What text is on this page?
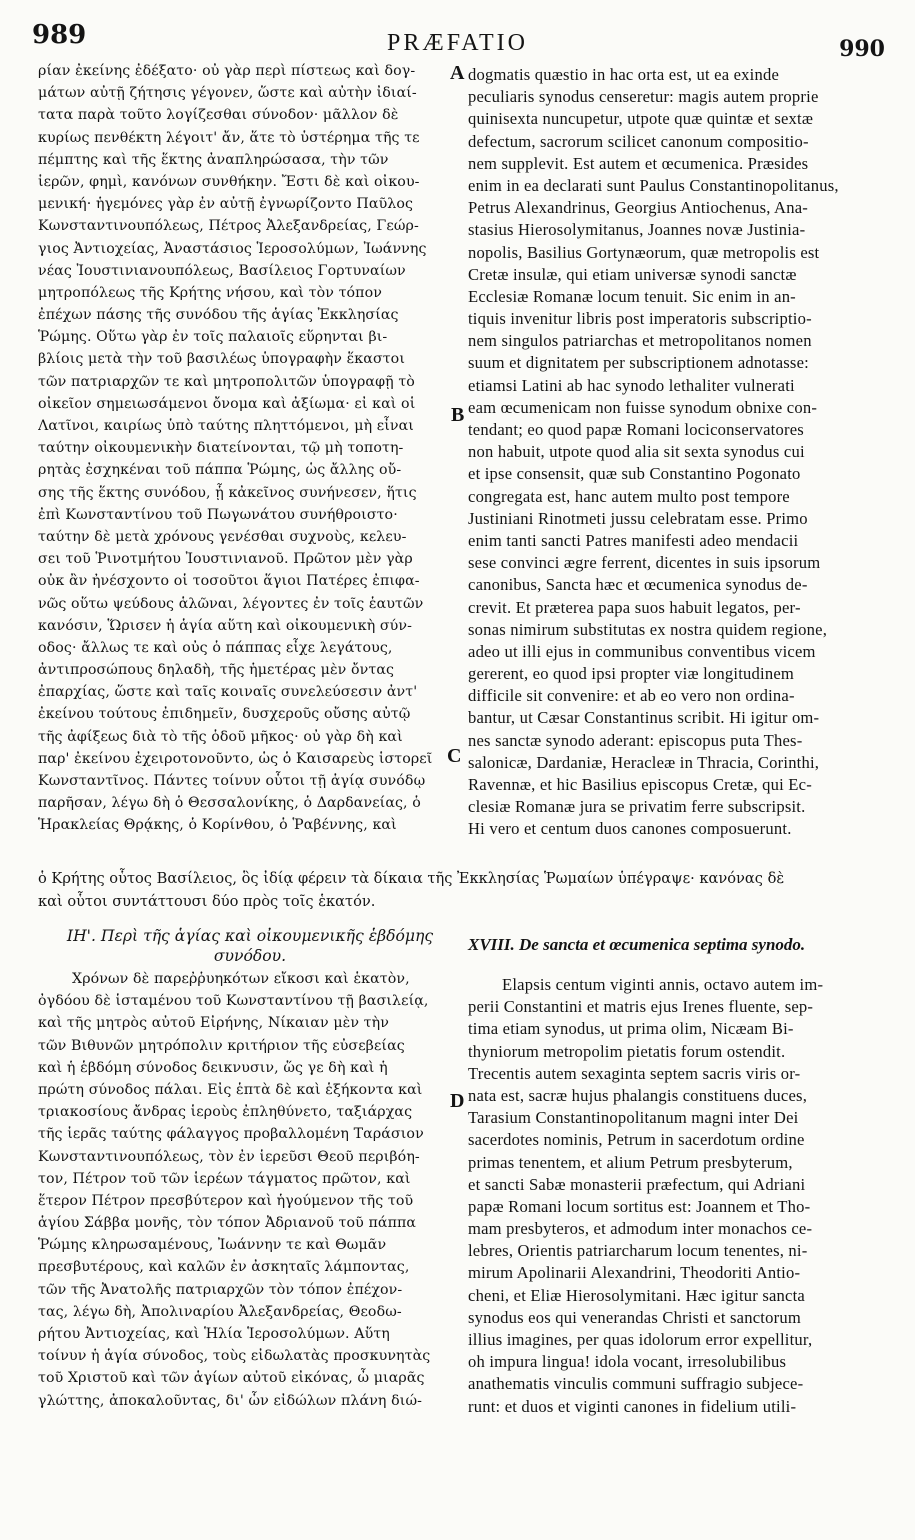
989	PRÆFATIO	990
ρίαν ἐκείνης ἐδέξατο· οὐ γὰρ περὶ πίστεως καὶ δογ-
μάτων αὐτῇ ζήτησις γέγονεν, ὥστε καὶ αὐτὴν ἰδιαί-
τατα παρὰ τοῦτο λογίζεσθαι σύνοδον· μᾶλλον δὲ
κυρίως πενθέκτη λέγοιτ' ἄν, ἅτε τὸ ὑστέρημα τῆς τε
πέμπτης καὶ τῆς ἕκτης ἀναπληρώσασα, τὴν τῶν
ἱερῶν, φημὶ, κανόνων συνθήκην. Ἔστι δὲ καὶ οἰκου-
μενική· ἡγεμόνες γὰρ ἐν αὐτῇ ἐγνωρίζοντο Παῦλος
Κωνσταντινουπόλεως, Πέτρος Ἀλεξανδρείας, Γεώρ-
γιος Ἀντιοχείας, Ἀναστάσιος Ἱεροσολύμων, Ἰωάννης
νέας Ἰουστινιανουπόλεως, Βασίλειος Γορτυναίων
μητροπόλεως τῆς Κρήτης νήσου, καὶ τὸν τόπον
ἐπέχων πάσης τῆς συνόδου τῆς ἁγίας Ἐκκλησίας
Ῥώμης. Οὕτω γὰρ ἐν τοῖς παλαιοῖς εὕρηνται βι-
βλίοις μετὰ τὴν τοῦ βασιλέως ὑπογραφὴν ἕκαστοι
τῶν πατριαρχῶν τε καὶ μητροπολιτῶν ὑπογραφῇ τὸ
οἰκεῖον σημειωσάμενοι ὄνομα καὶ ἀξίωμα· εἰ καὶ οἱ
Λατῖνοι, καιρίως ὑπὸ ταύτης πληττόμενοι, μὴ εἶναι
ταύτην οἰκουμενικὴν διατείνονται, τῷ μὴ τοποτη-
ρητὰς ἐσχηκέναι τοῦ πάππα Ῥώμης, ὡς ἄλλης οὔ-
σης τῆς ἕκτης συνόδου, ᾗ κἀκεῖνος συνήνεσεν, ἥτις
ἐπὶ Κωνσταντίνου τοῦ Πωγωνάτου συνήθροιστο·
ταύτην δὲ μετὰ χρόνους γενέσθαι συχνοὺς, κελευ-
σει τοῦ Ῥινοτμήτου Ἰουστινιανοῦ. Πρῶτον μὲν γὰρ
οὐκ ἂν ἠνέσχοντο οἱ τοσοῦτοι ἅγιοι Πατέρες ἐπιφα-
νῶς οὕτω ψεύδους ἁλῶναι, λέγοντες ἐν τοῖς ἑαυτῶν
κανόσιν, Ὥρισεν ἡ ἁγία αὕτη καὶ οἰκουμενικὴ σύν-
οδος· ἄλλως τε καὶ οὐς ὁ πάππας εἶχε λεγάτους,
ἀντιπροσώπους δηλαδὴ, τῆς ἡμετέρας μὲν ὄντας
ἐπαρχίας, ὥστε καὶ ταῖς κοιναῖς συνελεύσεσιν ἀντ'
ἐκείνου τούτους ἐπιδημεῖν, δυσχεροῦς οὔσης αὐτῷ
τῆς ἀφίξεως διὰ τὸ τῆς ὁδοῦ μῆκος· οὐ γὰρ δὴ καὶ
παρ' ἐκείνου ἐχειροτονοῦντο, ὡς ὁ Καισαρεὺς ἱστορεῖ
Κωνσταντῖνος. Πάντες τοίνυν οὗτοι τῇ ἁγίᾳ συνόδῳ
παρῆσαν, λέγω δὴ ὁ Θεσσαλονίκης, ὁ Δαρδανείας, ὁ
Ἡρακλείας Θρᾴκης, ὁ Κορίνθου, ὁ Ῥαβέννης, καὶ
dogmatis quæstio in hac orta est, ut ea exinde
peculiaris synodus censeretur: magis autem proprie
quinisexta nuncupetur, utpote quæ quintæ et sextæ
defectum, sacrorum scilicet canonum compositio-
nem supplevit. Est autem et œcumenica. Præsides
enim in ea declarati sunt Paulus Constantinopolitanus,
Petrus Alexandrinus, Georgius Antiochenus, Ana-
stasius Hierosolymitanus, Joannes novæ Justinia-
nopolis, Basilius Gortynæorum, quæ metropolis est
Cretæ insulæ, qui etiam universæ synodi sanctæ
Ecclesiæ Romanæ locum tenuit. Sic enim in an-
tiquis invenitur libris post imperatoris subscriptio-
nem singulos patriarchas et metropolitanos nomen
suum et dignitatem per subscriptionem adnotasse:
etiamsi Latini ab hac synodo lethaliter vulnerati
eam œcumenicam non fuisse synodum obnixe con-
tendant; eo quod papæ Romani lociconservatores
non habuit, utpote quod alia sit sexta synodus cui
et ipse consensit, quæ sub Constantino Pogonato
congregata est, hanc autem multo post tempore
Justiniani Rinotmeti jussu celebratam esse. Primo
enim tanti sancti Patres manifesti adeo mendacii
sese convinci ægre ferrent, dicentes in suis ipsorum
canonibus, Sancta hæc et œcumenica synodus de-
crevit. Et præterea papa suos habuit legatos, per-
sonas nimirum substitutas ex nostra quidem regione,
adeo ut illi ejus in communibus conventibus vicem
gererent, eo quod ipsi propter viæ longitudinem
difficile sit convenire: et ab eo vero non ordina-
bantur, ut Cæsar Constantinus scribit. Hi igitur om-
nes sanctæ synodo aderant: episcopus puta Thes-
salonicæ, Dardaniæ, Heracleæ in Thracia, Corinthi,
Ravennæ, et hic Basilius episcopus Cretæ, qui Ec-
clesiæ Romanæ jura se privatim ferre subscripsit.
Hi vero et centum duos canones composuerunt.
A
B
C
D
ὁ Κρήτης οὗτος Βασίλειος, ὃς ἰδίᾳ φέρειν τὰ δίκαια τῆς Ἐκκλησίας Ῥωμαίων ὑπέγραψε· κανόνας δὲ
καὶ οὗτοι συντάττουσι δύο πρὸς τοῖς ἑκατόν.
ΙΗ'. Περὶ τῆς ἁγίας καὶ οἰκουμενικῆς ἑβδόμης συνόδου.
XVIII. De sancta et œcumenica septima synodo.
Χρόνων δὲ παρεῤῥυηκότων εἴκοσι καὶ ἑκατὸν,
ὀγδόου δὲ ἱσταμένου τοῦ Κωνσταντίνου τῇ βασιλείᾳ,
καὶ τῆς μητρὸς αὐτοῦ Εἰρήνης, Νίκαιαν μὲν τὴν
τῶν Βιθυνῶν μητρόπολιν κριτήριον τῆς εὐσεβείας
καὶ ἡ ἑβδόμη σύνοδος δεικνυσιν, ὥς γε δὴ καὶ ἡ
πρώτη σύνοδος πάλαι. Εἰς ἑπτὰ δὲ καὶ ἑξήκοντα καὶ
τριακοσίους ἄνδρας ἱεροὺς ἐπληθύνετο, ταξιάρχας
τῆς ἱερᾶς ταύτης φάλαγγος προβαλλομένη Ταράσιον
Κωνσταντινουπόλεως, τὸν ἐν ἱερεῦσι Θεοῦ περιβόη-
τον, Πέτρον τοῦ τῶν ἱερέων τάγματος πρῶτον, καὶ
ἕτερον Πέτρον πρεσβύτερον καὶ ἡγούμενον τῆς τοῦ
ἁγίου Σάββα μονῆς, τὸν τόπον Ἀδριανοῦ τοῦ πάππα
Ῥώμης κληρωσαμένους, Ἰωάννην τε καὶ Θωμᾶν
πρεσβυτέρους, καὶ καλῶν ἐν ἀσκηταῖς λάμποντας,
τῶν τῆς Ἀνατολῆς πατριαρχῶν τὸν τόπον ἐπέχον-
τας, λέγω δὴ, Ἀπολιναρίου Ἀλεξανδρείας, Θεοδω-
ρήτου Ἀντιοχείας, καὶ Ἡλία Ἱεροσολύμων. Αὕτη
τοίνυν ἡ ἁγία σύνοδος, τοὺς εἰδωλατὰς προσκυνητὰς
τοῦ Χριστοῦ καὶ τῶν ἁγίων αὐτοῦ εἰκόνας, ὦ μιαρᾶς
γλώττης, ἀποκαλοῦντας, δι' ὧν εἰδώλων πλάνη διώ-
Elapsis centum viginti annis, octavo autem im-
perii Constantini et matris ejus Irenes fluente, sep-
tima etiam synodus, ut prima olim, Nicæam Bi-
thyniorum metropolim pietatis forum ostendit.
Trecentis autem sexaginta septem sacris viris or-
nata est, sacræ hujus phalangis constituens duces,
Tarasium Constantinopolitanum magni inter Dei
sacerdotes nominis, Petrum in sacerdotum ordine
primas tenentem, et alium Petrum presbyterum,
et sancti Sabæ monasterii præfectum, qui Adriani
papæ Romani locum sortitus est: Joannem et Tho-
mam presbyteros, et admodum inter monachos ce-
lebres, Orientis patriarcharum locum tenentes, ni-
mirum Apolinarii Alexandrini, Theodoriti Antio-
cheni, et Eliæ Hierosolymitani. Hæc igitur sancta
synodus eos qui venerandas Christi et sanctorum
illius imagines, per quas idolorum error expellitur,
oh impura lingua! idola vocant, irresolubilibus
anathematis vinculis communi suffragio subjece-
runt: et duos et viginti canones in fidelium utili-
